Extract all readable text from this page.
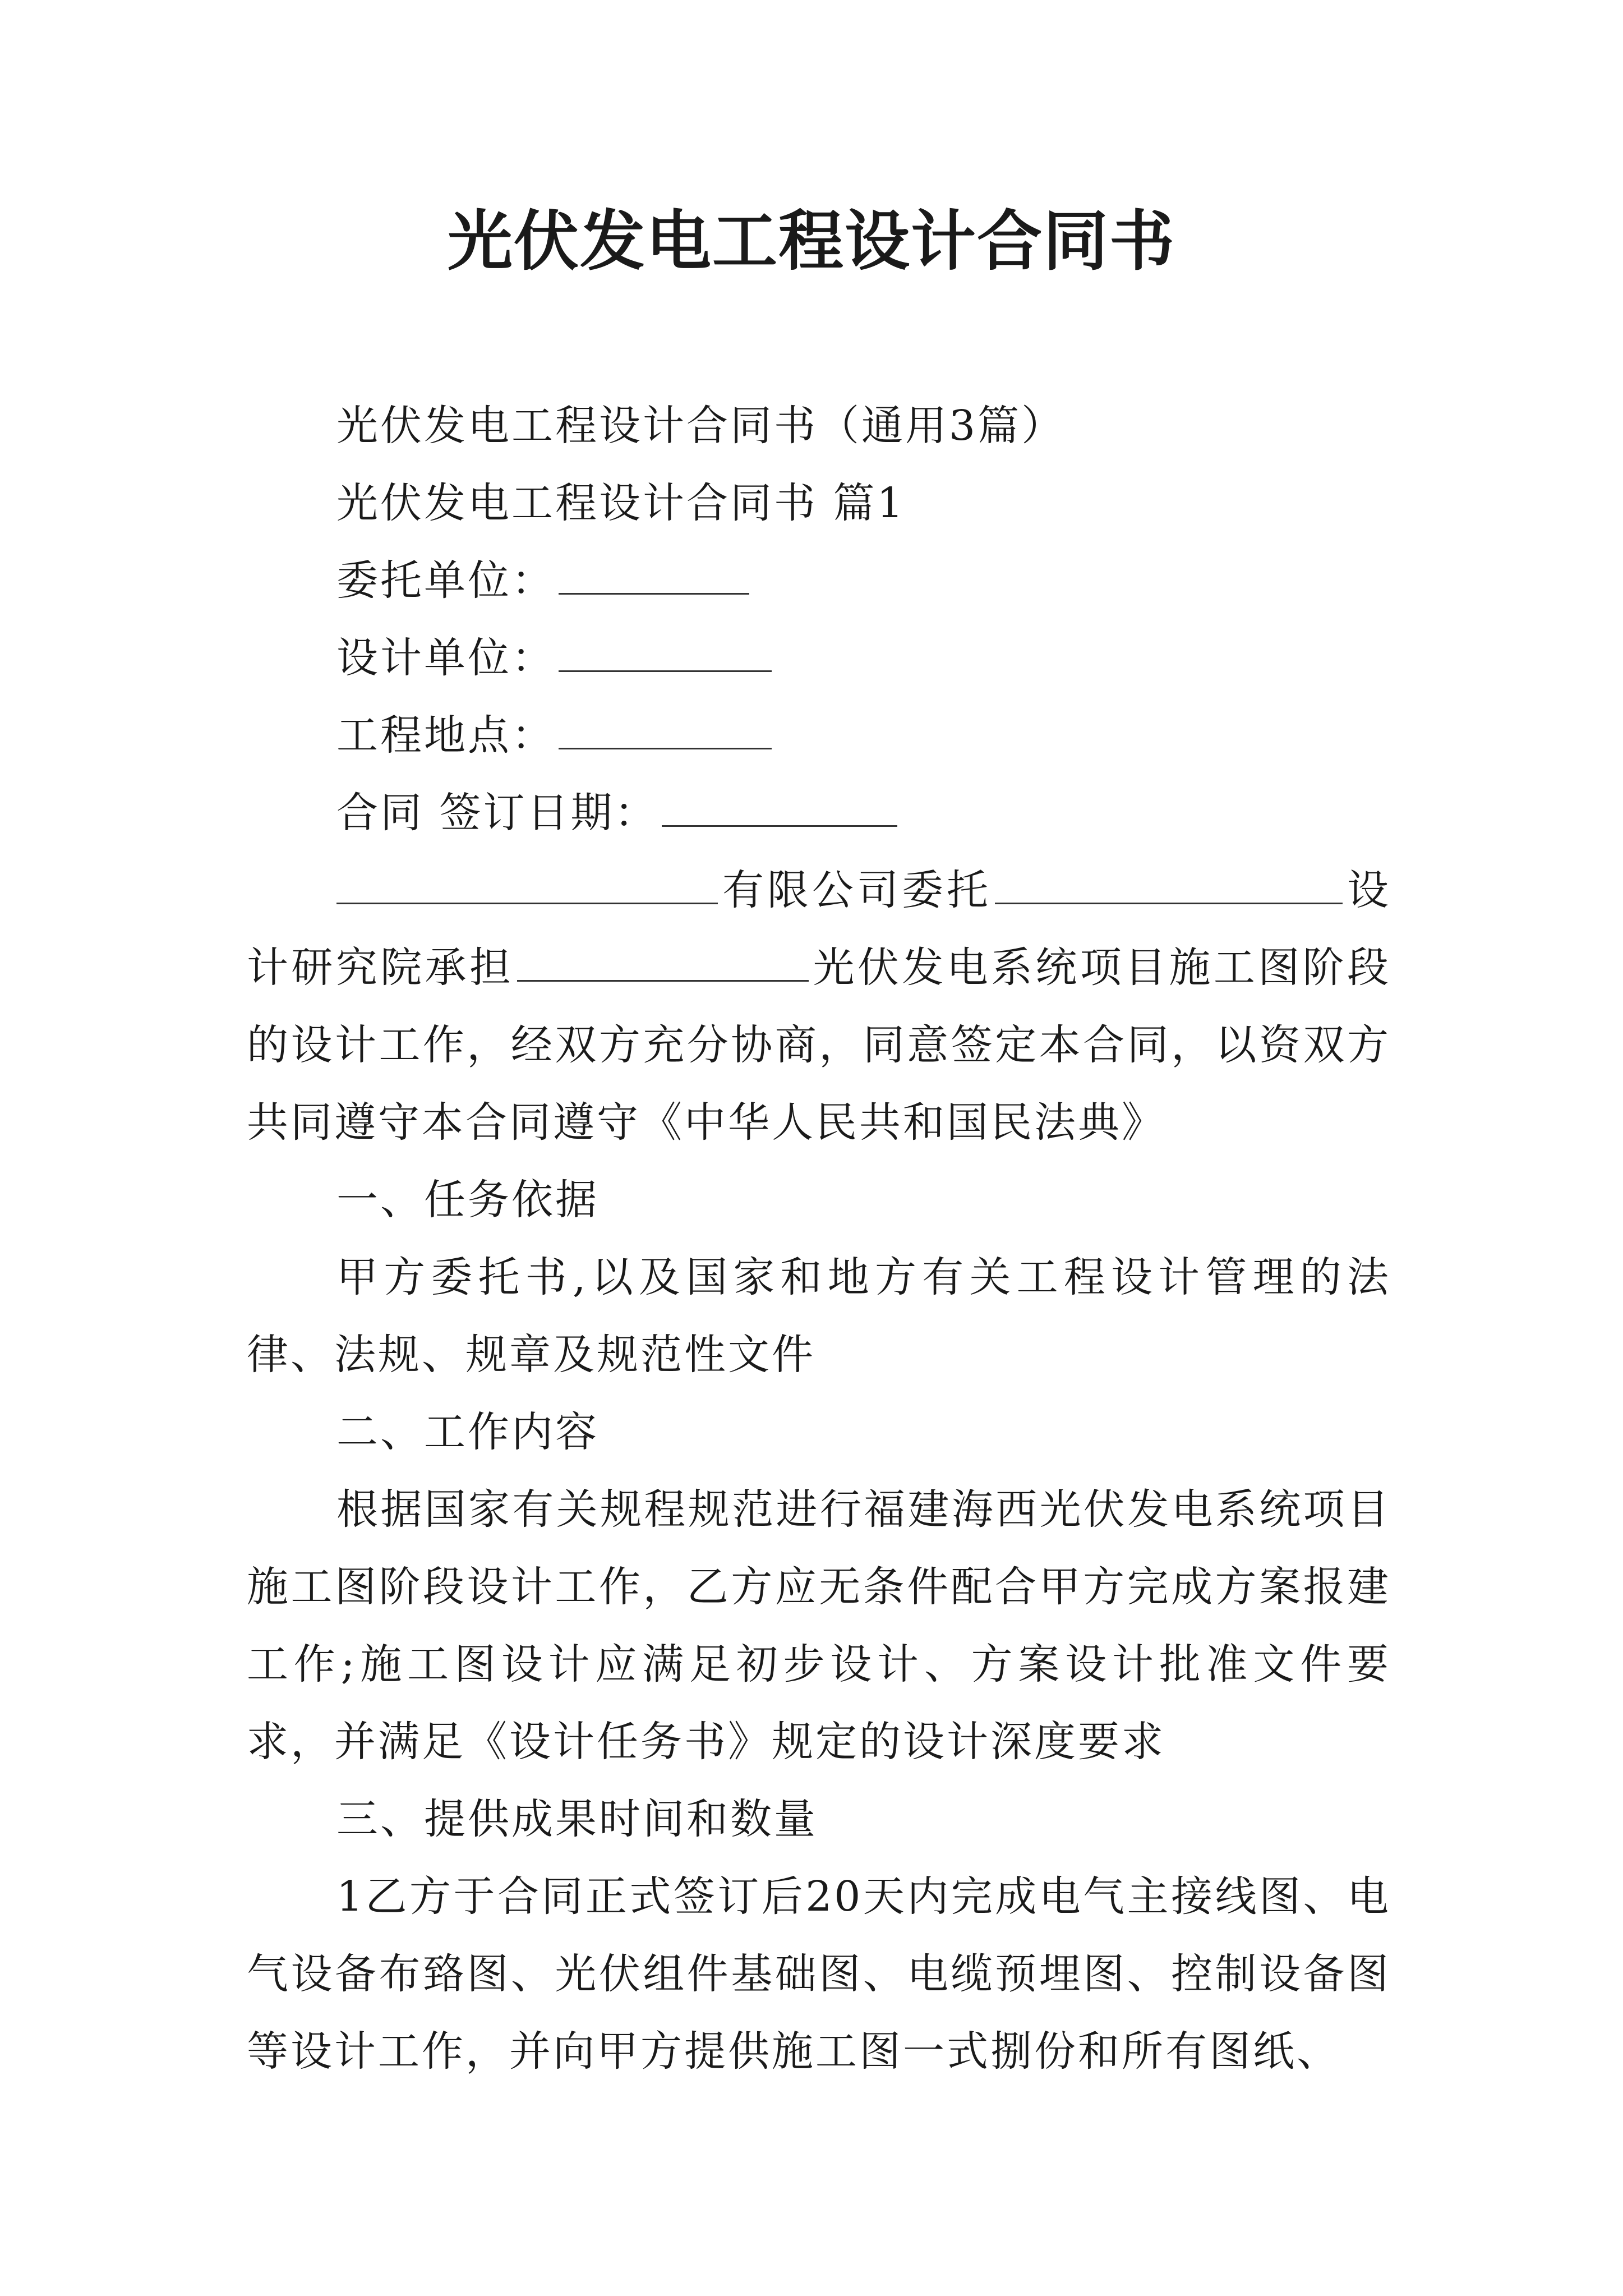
光伏发电工程设计合同书
光伏发电工程设计合同书（通用3篇）
光伏发电工程设计合同书 篇1
委托单位：
设计单位：
工程地点：
合同 签订日期：
有限公司委托	设计研究院承担	光伏发电系统项目施工图阶段的设计工作，经双方充分协商，同意签定本合同，以资双方共同遵守本合同遵守《中华人民共和国民法典》
一、任务依据
甲方委托书,以及国家和地方有关工程设计管理的法律、法规、规章及规范性文件
二、工作内容
根据国家有关规程规范进行福建海西光伏发电系统项目施工图阶段设计工作，乙方应无条件配合甲方完成方案报建工作;施工图设计应满足初步设计、方案设计批准文件要求，并满足《设计任务书》规定的设计深度要求
三、提供成果时间和数量
1乙方于合同正式签订后20天内完成电气主接线图、电气设备布臵图、光伏组件基础图、电缆预埋图、控制设备图等设计工作，并向甲方提供施工图一式捌份和所有图纸、
